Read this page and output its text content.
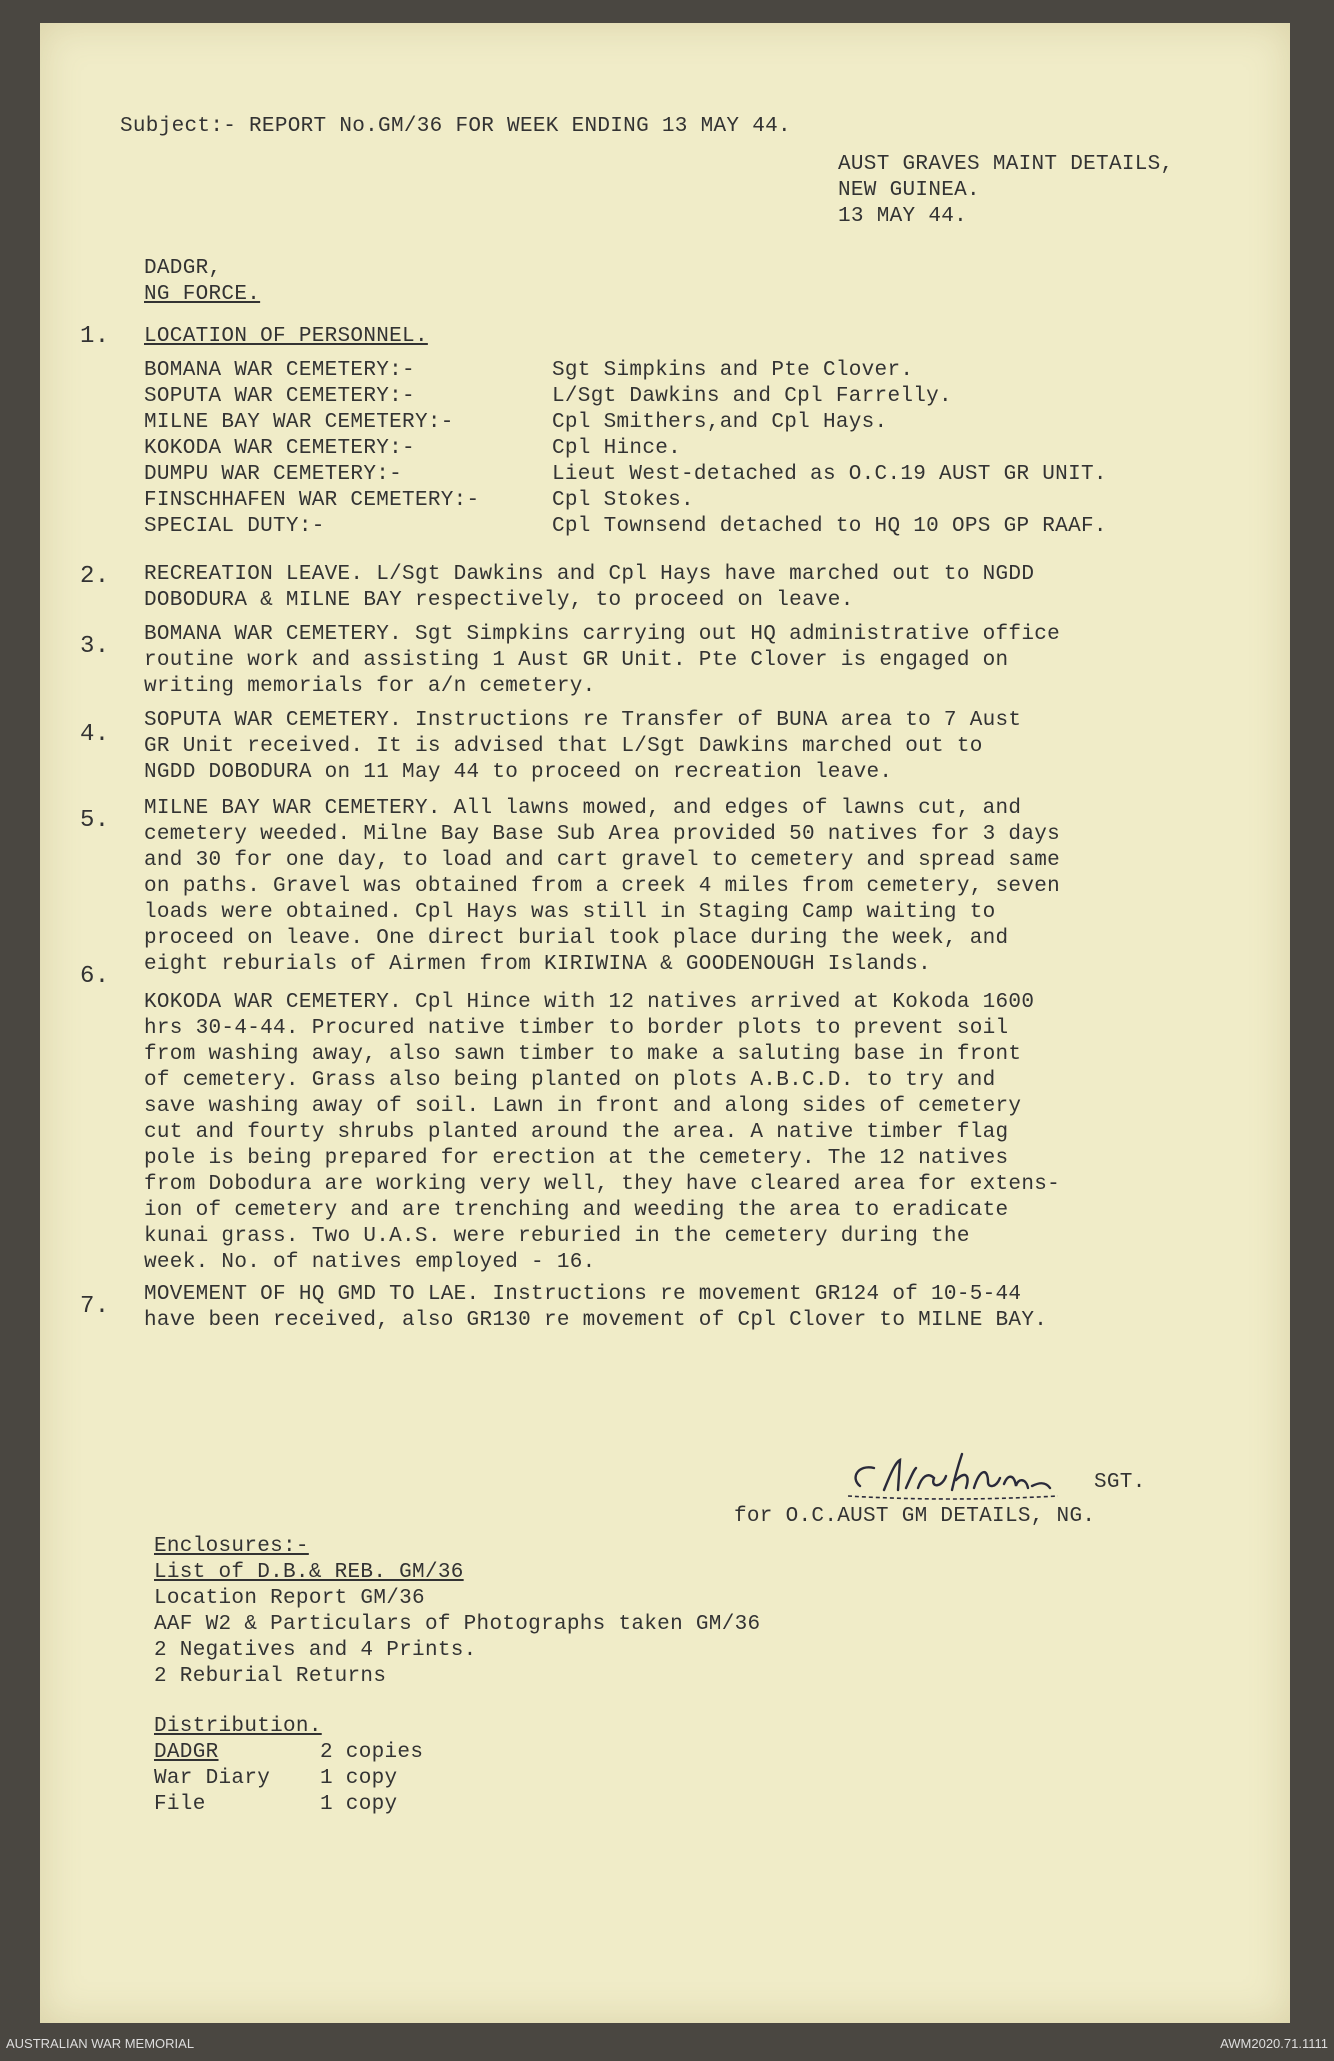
Subject:- REPORT No.GM/36 FOR WEEK ENDING 13 MAY 44.
AUST GRAVES MAINT DETAILS,
NEW GUINEA.
13 MAY 44.
DADGR,
NG FORCE.
1. LOCATION OF PERSONNEL.
BOMANA WAR CEMETERY:-	Sgt Simpkins and Pte Clover.
SOPUTA WAR CEMETERY:-	L/Sgt Dawkins and Cpl Farrelly.
MILNE BAY WAR CEMETERY:-	Cpl Smithers,and Cpl Hays.
KOKODA WAR CEMETERY:-	Cpl Hince.
DUMPU WAR CEMETERY:-	Lieut West-detached as O.C.19 AUST GR UNIT.
FINSCHHAFEN WAR CEMETERY:-	Cpl Stokes.
SPECIAL DUTY:-	Cpl Townsend detached to HQ 10 OPS GP RAAF.
2. RECREATION LEAVE. L/Sgt Dawkins and Cpl Hays have marched out to NGDD
DOBODURA & MILNE BAY respectively, to proceed on leave.
3. BOMANA WAR CEMETERY. Sgt Simpkins carrying out HQ administrative office
routine work and assisting 1 Aust GR Unit. Pte Clover is engaged on
writing memorials for a/n cemetery.
4.
SOPUTA WAR CEMETERY. Instructions re Transfer of BUNA area to 7 Aust
GR Unit received. It is advised that L/Sgt Dawkins marched out to
NGDD DOBODURA on 11 May 44 to proceed on recreation leave.
5. MILNE BAY WAR CEMETERY. All lawns mowed, and edges of lawns cut, and
cemetery weeded. Milne Bay Base Sub Area provided 50 natives for 3 days
and 30 for one day, to load and cart gravel to cemetery and spread same
on paths. Gravel was obtained from a creek 4 miles from cemetery, seven
loads were obtained. Cpl Hays was still in Staging Camp waiting to
proceed on leave. One direct burial took place during the week, and
eight reburials of Airmen from KIRIWINA & GOODENOUGH Islands.
6.
KOKODA WAR CEMETERY. Cpl Hince with 12 natives arrived at Kokoda 1600
hrs 30-4-44. Procured native timber to border plots to prevent soil
from washing away, also sawn timber to make a saluting base in front
of cemetery. Grass also being planted on plots A.B.C.D. to try and
save washing away of soil. Lawn in front and along sides of cemetery
cut and fourty shrubs planted around the area. A native timber flag
pole is being prepared for erection at the cemetery. The 12 natives
from Dobodura are working very well, they have cleared area for extens-
ion of cemetery and are trenching and weeding the area to eradicate
kunai grass. Two U.A.S. were reburied in the cemetery during the
week. No. of natives employed - 16.
7. MOVEMENT OF HQ GMD TO LAE. Instructions re movement GR124 of 10-5-44
have been received, also GR130 re movement of Cpl Clover to MILNE BAY.
SGT.
for O.C.AUST GM DETAILS, NG.
Enclosures:-
List of D.B.& REB. GM/36
Location Report GM/36
AAF W2 & Particulars of Photographs taken GM/36
2 Negatives and 4 Prints.
2 Reburial Returns
Distribution.
DADGR	2 copies
War Diary 1 copy
File	1 copy
AUSTRALIAN WAR MEMORIAL	AWM2020.71.1111
